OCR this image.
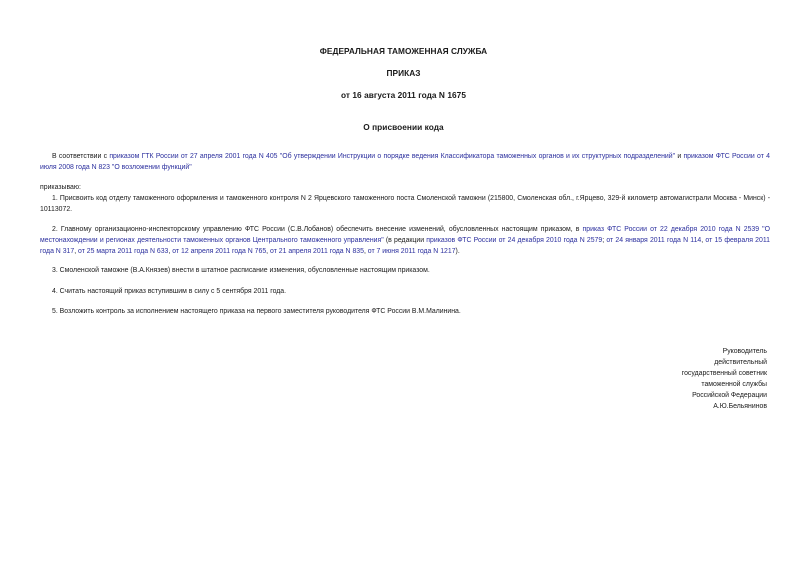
ФЕДЕРАЛЬНАЯ ТАМОЖЕННАЯ СЛУЖБА
ПРИКАЗ
от 16 августа 2011 года N 1675
О присвоении кода

В соответствии с приказом ГТК России от 27 апреля 2001 года N 405 "Об утверждении Инструкции о порядке ведения Классификатора таможенных органов и их структурных подразделений" и приказом ФТС России от 4 июля 2008 года N 823 "О возложении функций"

приказываю:

1. Присвоить код отделу таможенного оформления и таможенного контроля N 2 Ярцевского таможенного поста Смоленской таможни (215800, Смоленская обл., г.Ярцево, 329-й километр автомагистрали Москва - Минск) - 10113072.

2. Главному организационно-инспекторскому управлению ФТС России (С.В.Лобанов) обеспечить внесение изменений, обусловленных настоящим приказом, в приказ ФТС России от 22 декабря 2010 года N 2539 "О местонахождении и регионах деятельности таможенных органов Центрального таможенного управления" (в редакции приказов ФТС России от 24 декабря 2010 года N 2579; от 24 января 2011 года N 114, от 15 февраля 2011 года N 317, от 25 марта 2011 года N 633, от 12 апреля 2011 года N 765, от 21 апреля 2011 года N 835, от 7 июня 2011 года N 1217).

3. Смоленской таможне (В.А.Князев) внести в штатное расписание изменения, обусловленные настоящим приказом.

4. Считать настоящий приказ вступившим в силу с 5 сентября 2011 года.

5. Возложить контроль за исполнением настоящего приказа на первого заместителя руководителя ФТС России В.М.Малинина.

Руководитель
действительный
государственный советник
таможенной службы
Российской Федерации
А.Ю.Бельянинов
